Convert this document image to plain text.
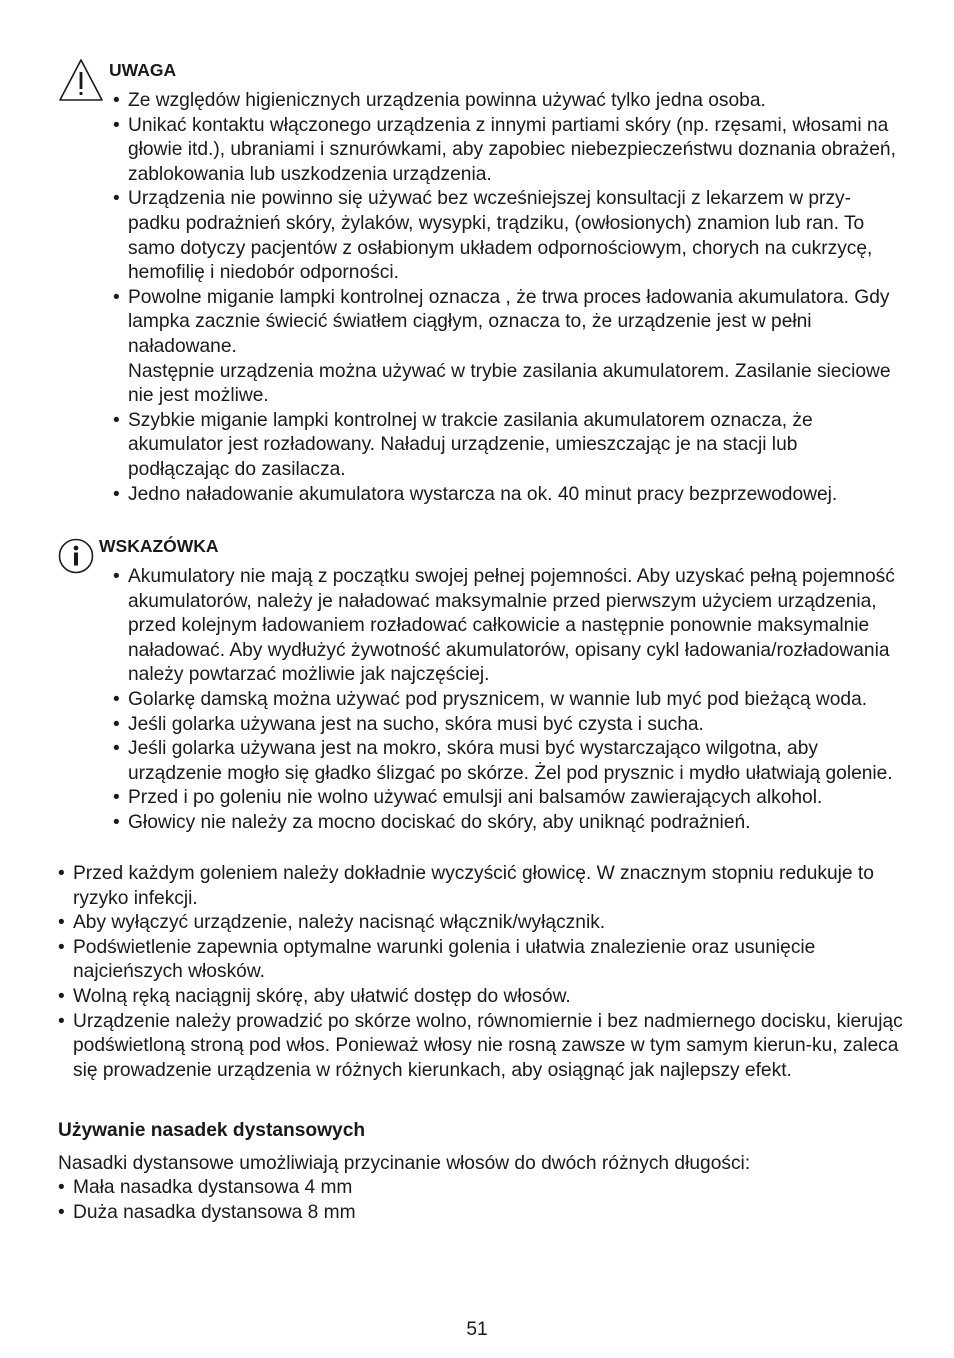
UWAGA
• Ze względów higienicznych urządzenia powinna używać tylko jedna osoba.
• Unikać kontaktu włączonego urządzenia z innymi partiami skóry (np. rzęsami, włosami na głowie itd.), ubraniami i sznurówkami, aby zapobiec niebezpieczeństwu doznania obrażeń, zablokowania lub uszkodzenia urządzenia.
• Urządzenia nie powinno się używać bez wcześniejszej konsultacji z lekarzem w przy-padku podrażnień skóry, żylaków, wysypki, trądziku, (owłosionych) znamion lub ran. To samo dotyczy pacjentów z osłabionym układem odpornościowym, chorych na cukrzycę, hemofilię i niedobór odporności.
• Powolne miganie lampki kontrolnej oznacza , że trwa proces ładowania akumulatora. Gdy lampka zacznie świecić światłem ciągłym, oznacza to, że urządzenie jest w pełni naładowane.
Następnie urządzenia można używać w trybie zasilania akumulatorem. Zasilanie sieciowe nie jest możliwe.
• Szybkie miganie lampki kontrolnej w trakcie zasilania akumulatorem oznacza, że akumulator jest rozładowany. Naładuj urządzenie, umieszczając je na stacji lub podłączając do zasilacza.
• Jedno naładowanie akumulatora wystarcza na ok. 40 minut pracy bezprzewodowej.
WSKAZÓWKA
• Akumulatory nie mają z początku swojej pełnej pojemności. Aby uzyskać pełną pojemność akumulatorów, należy je naładować maksymalnie przed pierwszym użyciem urządzenia, przed kolejnym ładowaniem rozładować całkowicie a następnie ponownie maksymalnie naładować. Aby wydłużyć żywotność akumulatorów, opisany cykl ładowania/rozładowania należy powtarzać możliwie jak najczęściej.
• Golarkę damską można używać pod prysznicem, w wannie lub myć pod bieżącą woda.
• Jeśli golarka używana jest na sucho, skóra musi być czysta i sucha.
• Jeśli golarka używana jest na mokro, skóra musi być wystarczająco wilgotna, aby urządzenie mogło się gładko ślizgać po skórze. Żel pod prysznic i mydło ułatwiają golenie.
• Przed i po goleniu nie wolno używać emulsji ani balsamów zawierających alkohol.
• Głowicy nie należy za mocno dociskać do skóry, aby uniknąć podrażnień.
• Przed każdym goleniem należy dokładnie wyczyścić głowicę. W znacznym stopniu redukuje to ryzyko infekcji.
• Aby wyłączyć urządzenie, należy nacisnąć włącznik/wyłącznik.
• Podświetlenie zapewnia optymalne warunki golenia i ułatwia znalezienie oraz usunięcie najcieńszych włosków.
• Wolną ręką naciągnij skórę, aby ułatwić dostęp do włosów.
• Urządzenie należy prowadzić po skórze wolno, równomiernie i bez nadmiernego docisku, kierując podświetloną stroną pod włos. Ponieważ włosy nie rosną zawsze w tym samym kierun-ku, zaleca się prowadzenie urządzenia w różnych kierunkach, aby osiągnąć jak najlepszy efekt.
Używanie nasadek dystansowych
Nasadki dystansowe umożliwiają przycinanie włosów do dwóch różnych długości:
• Mała nasadka dystansowa 4 mm
• Duża nasadka dystansowa 8 mm
51
